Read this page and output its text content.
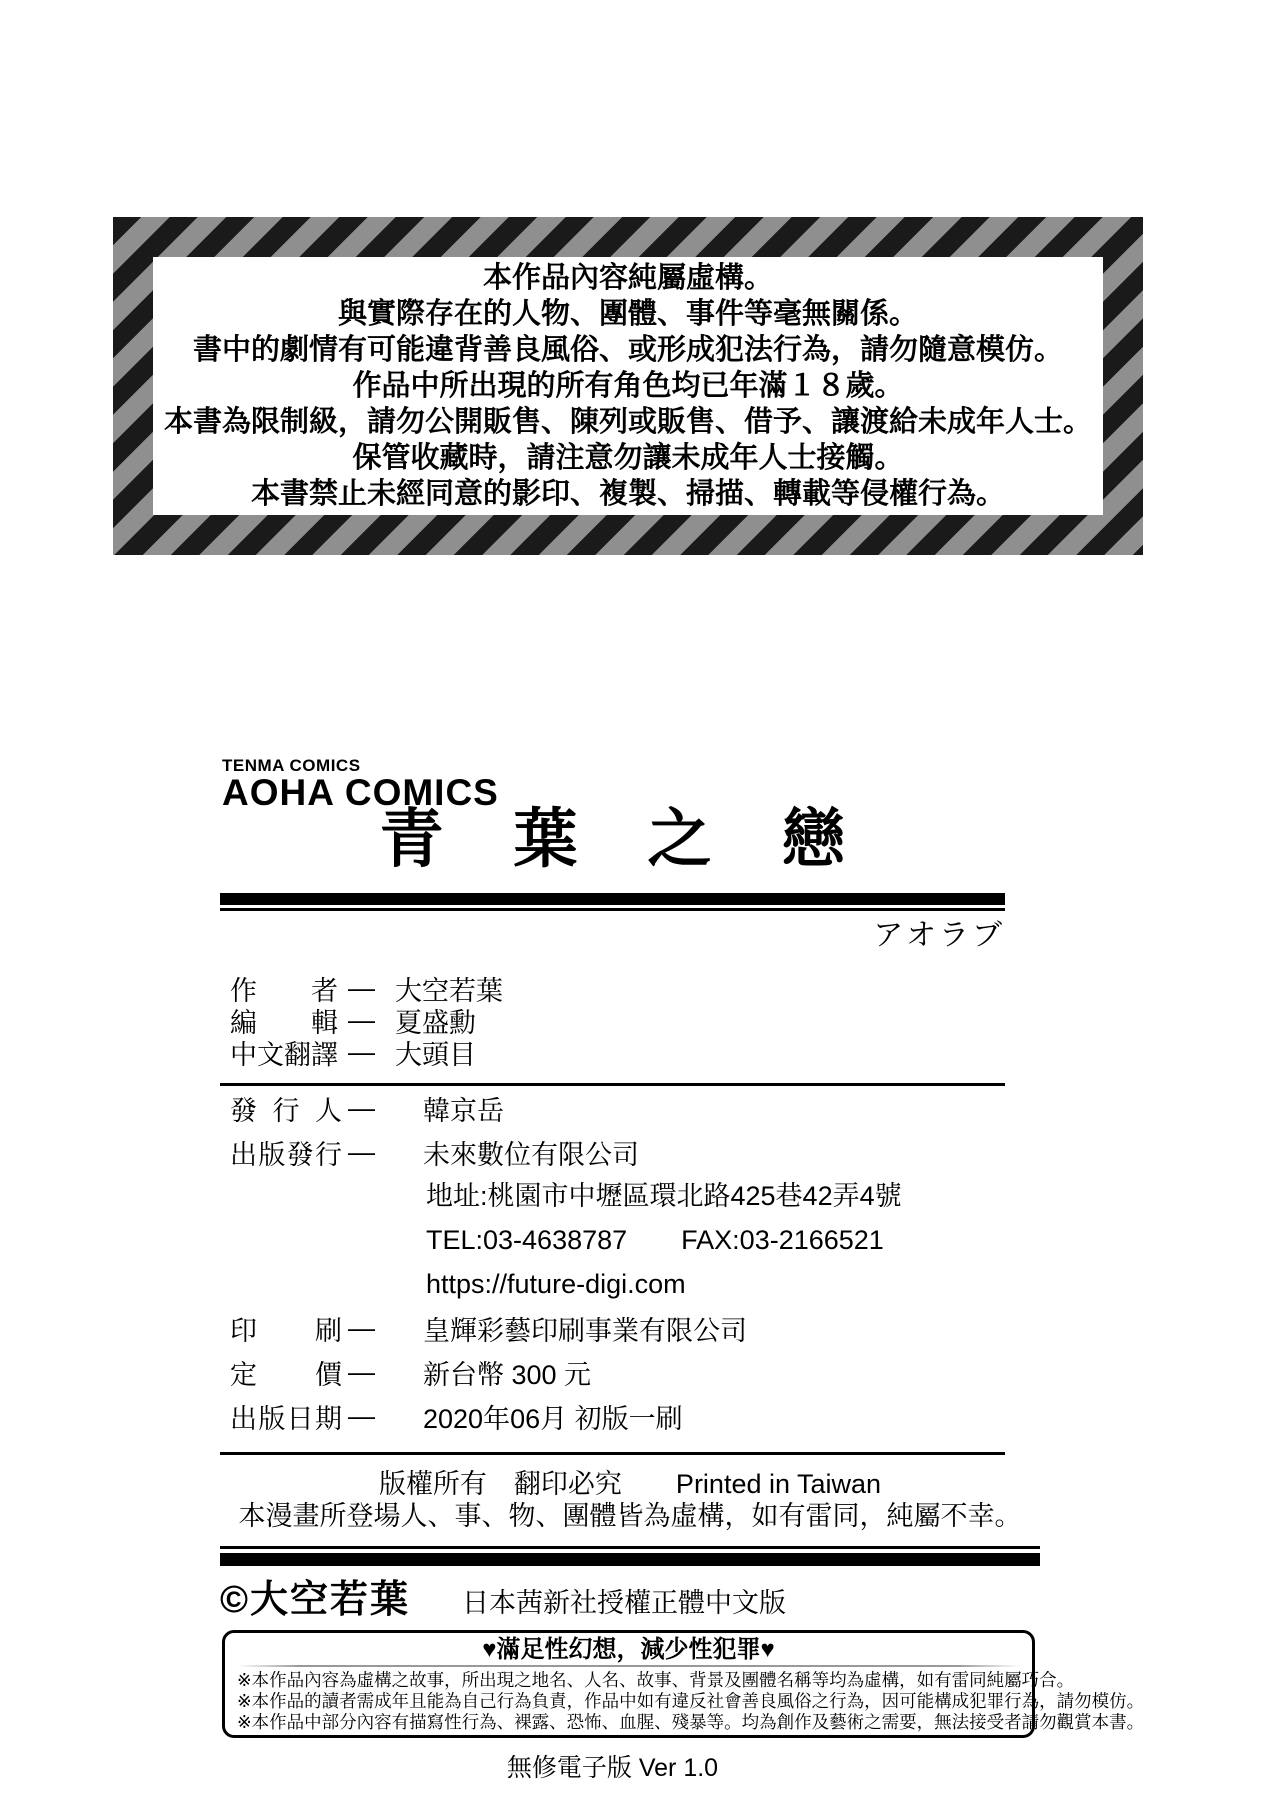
本作品內容純屬虛構。
與實際存在的人物、團體、事件等毫無關係。
書中的劇情有可能違背善良風俗、或形成犯法行為，請勿隨意模仿。
作品中所出現的所有角色均已年滿１８歲。
本書為限制級，請勿公開販售、陳列或販售、借予、讓渡給未成年人士。
保管收藏時，請注意勿讓未成年人士接觸。
本書禁止未經同意的影印、複製、掃描、轉載等侵權行為。
TENMA COMICS
AOHA COMICS
青葉之戀
アオラブ
作者 — 大空若葉
編輯 — 夏盛勳
中文翻譯 — 大頭目
發行人 — 韓京岳
出版發行 — 未來數位有限公司
地址:桃園市中壢區環北路425巷42弄4號
TEL:03-4638787　　FAX:03-2166521
https://future-digi.com
印刷 — 皇輝彩藝印刷事業有限公司
定價 — 新台幣 300 元
出版日期 — 2020年06月 初版一刷
版權所有　翻印必究　　Printed in Taiwan
本漫畫所登場人、事、物、團體皆為虛構，如有雷同，純屬不幸。
©大空若葉 日本茜新社授權正體中文版
♥滿足性幻想，減少性犯罪♥
※本作品內容為虛構之故事，所出現之地名、人名、故事、背景及團體名稱等均為虛構，如有雷同純屬巧合。
※本作品的讀者需成年且能為自己行為負責，作品中如有違反社會善良風俗之行為，因可能構成犯罪行為，請勿模仿。
※本作品中部分內容有描寫性行為、裸露、恐怖、血腥、殘暴等。均為創作及藝術之需要，無法接受者請勿觀賞本書。
無修電子版 Ver 1.0
